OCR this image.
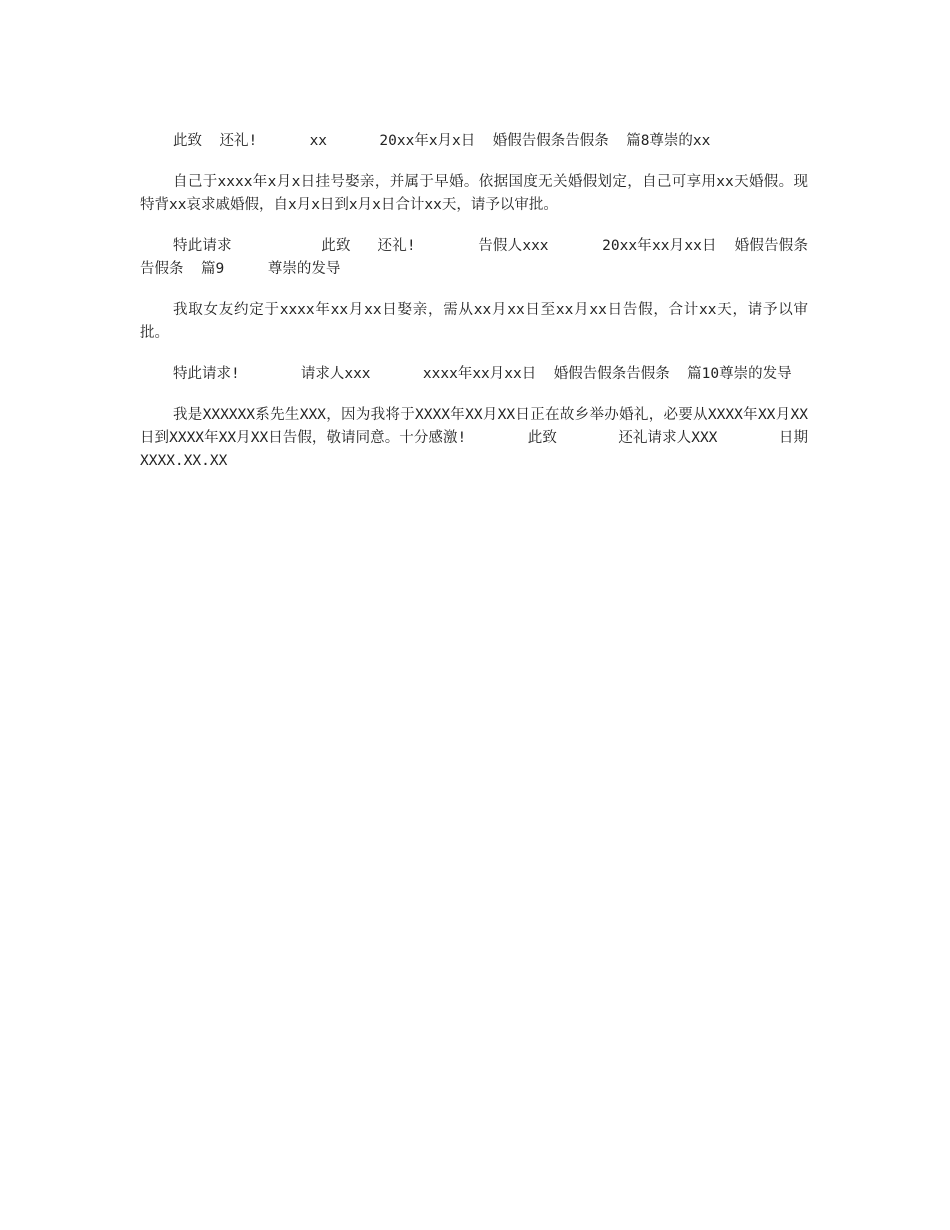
此致  还礼!      xx      20xx年x月x日  婚假告假条告假条  篇8尊崇的xx

自己于xxxx年x月x日挂号娶亲，并属于早婚。依据国度无关婚假划定，自己可享用xx天婚假。现特背xx哀求戚婚假，自x月x日到x月x日合计xx天，请予以审批。

特此请求          此致   还礼!       告假人xxx      20xx年xx月xx日  婚假告假条告假条  篇9     尊崇的发导

我取女友约定于xxxx年xx月xx日娶亲，需从xx月xx日至xx月xx日告假，合计xx天，请予以审批。

特此请求!       请求人xxx      xxxx年xx月xx日  婚假告假条告假条  篇10尊崇的发导

我是XXXXXX系先生XXX，因为我将于XXXX年XX月XX日正在故乡举办婚礼，必要从XXXX年XX月XX日到XXXX年XX月XX日告假，敬请同意。十分感激!       此致       还礼请求人XXX       日期XXXX.XX.XX
